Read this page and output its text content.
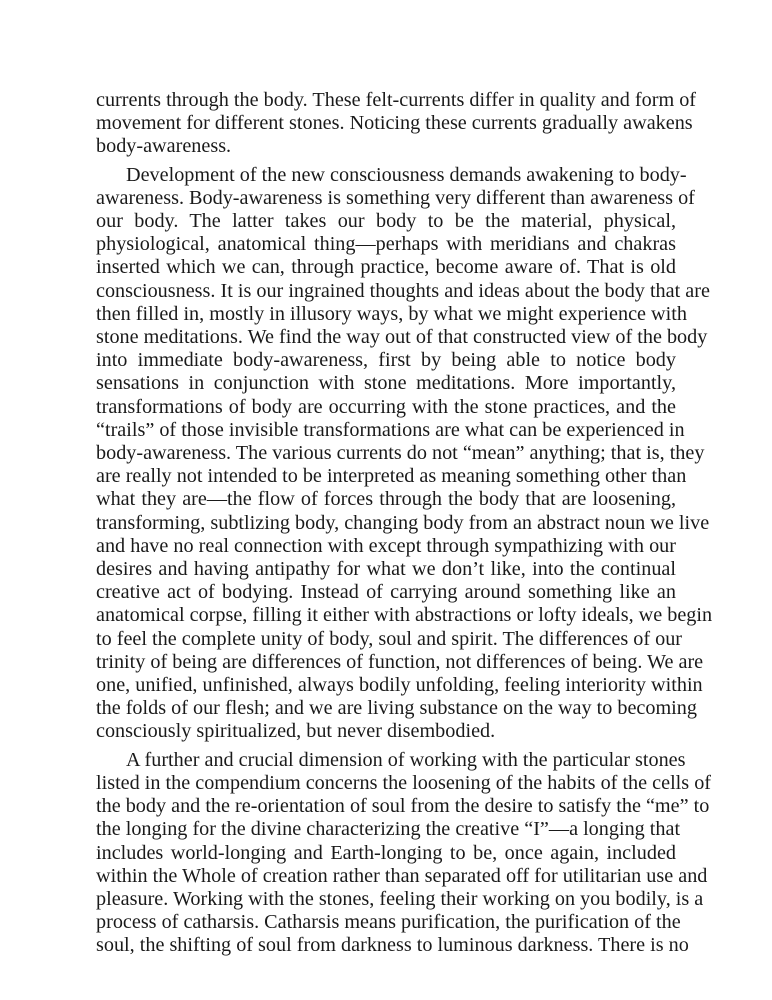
currents through the body. These felt-currents differ in quality and form of
movement for different stones. Noticing these currents gradually awakens
body-awareness.
Development of the new consciousness demands awakening to body-
awareness. Body-awareness is something very different than awareness of
our body. The latter takes our body to be the material, physical,
physiological, anatomical thing—perhaps with meridians and chakras
inserted which we can, through practice, become aware of. That is old
consciousness. It is our ingrained thoughts and ideas about the body that are
then filled in, mostly in illusory ways, by what we might experience with
stone meditations. We find the way out of that constructed view of the body
into immediate body-awareness, first by being able to notice body
sensations in conjunction with stone meditations. More importantly,
transformations of body are occurring with the stone practices, and the
“trails” of those invisible transformations are what can be experienced in
body-awareness. The various currents do not “mean” anything; that is, they
are really not intended to be interpreted as meaning something other than
what they are—the flow of forces through the body that are loosening,
transforming, subtlizing body, changing body from an abstract noun we live
and have no real connection with except through sympathizing with our
desires and having antipathy for what we don’t like, into the continual
creative act of bodying. Instead of carrying around something like an
anatomical corpse, filling it either with abstractions or lofty ideals, we begin
to feel the complete unity of body, soul and spirit. The differences of our
trinity of being are differences of function, not differences of being. We are
one, unified, unfinished, always bodily unfolding, feeling interiority within
the folds of our flesh; and we are living substance on the way to becoming
consciously spiritualized, but never disembodied.
A further and crucial dimension of working with the particular stones
listed in the compendium concerns the loosening of the habits of the cells of
the body and the re-orientation of soul from the desire to satisfy the “me” to
the longing for the divine characterizing the creative “I”—a longing that
includes world-longing and Earth-longing to be, once again, included
within the Whole of creation rather than separated off for utilitarian use and
pleasure. Working with the stones, feeling their working on you bodily, is a
process of catharsis. Catharsis means purification, the purification of the
soul, the shifting of soul from darkness to luminous darkness. There is no
